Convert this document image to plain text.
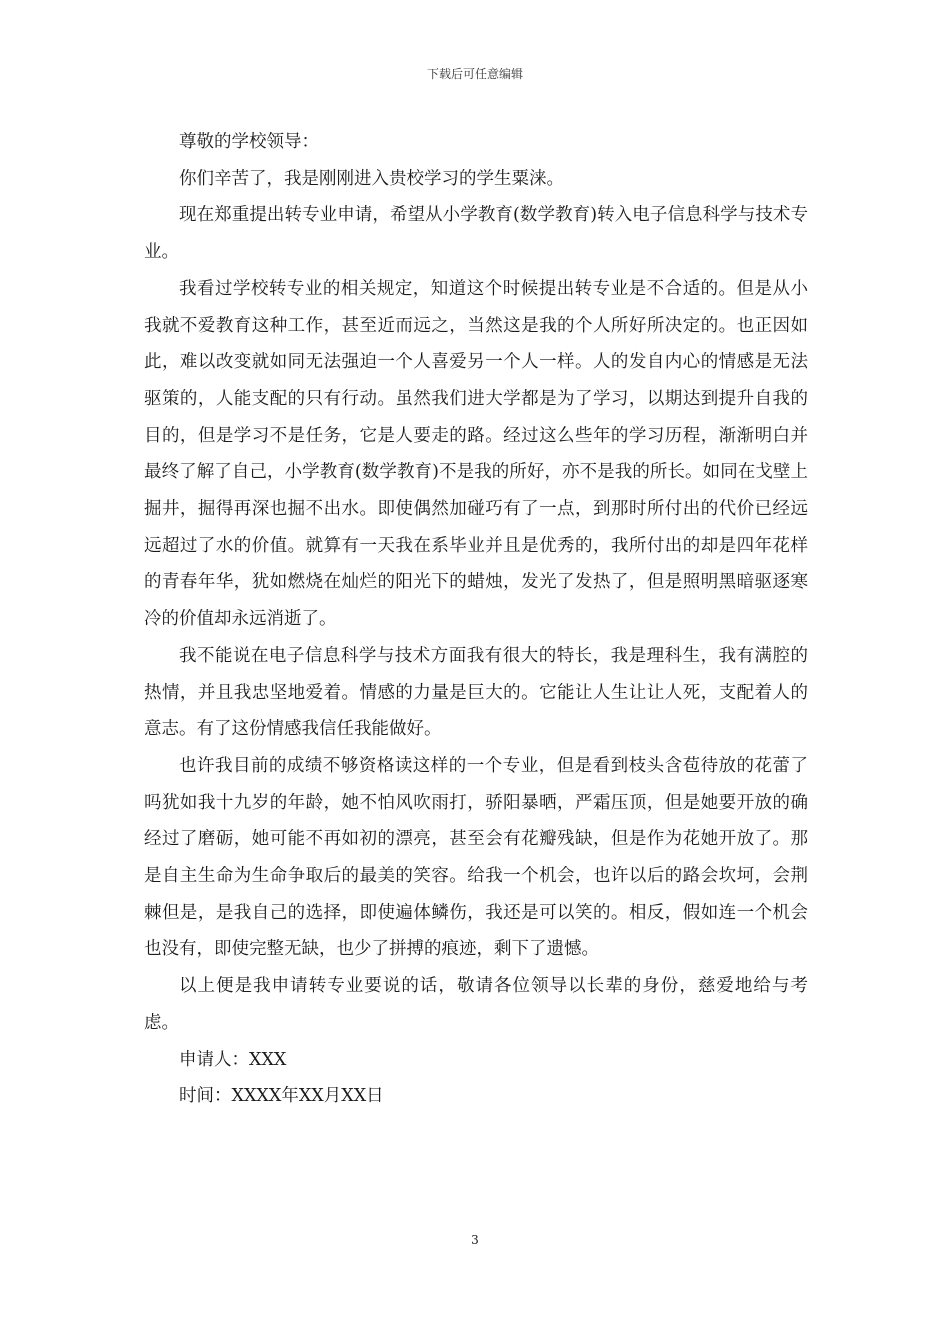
下载后可任意编辑

尊敬的学校领导：

你们辛苦了，我是刚刚进入贵校学习的学生粟涞。

现在郑重提出转专业申请，希望从小学教育(数学教育)转入电子信息科学与技术专业。

我看过学校转专业的相关规定，知道这个时候提出转专业是不合适的。但是从小我就不爱教育这种工作，甚至近而远之，当然这是我的个人所好所决定的。也正因如此，难以改变就如同无法强迫一个人喜爱另一个人一样。人的发自内心的情感是无法驱策的，人能支配的只有行动。虽然我们进大学都是为了学习，以期达到提升自我的目的，但是学习不是任务，它是人要走的路。经过这么些年的学习历程，渐渐明白并最终了解了自己，小学教育(数学教育)不是我的所好，亦不是我的所长。如同在戈壁上掘井，掘得再深也掘不出水。即使偶然加碰巧有了一点，到那时所付出的代价已经远远超过了水的价值。就算有一天我在系毕业并且是优秀的，我所付出的却是四年花样的青春年华，犹如燃烧在灿烂的阳光下的蜡烛，发光了发热了，但是照明黑暗驱逐寒冷的价值却永远消逝了。

我不能说在电子信息科学与技术方面我有很大的特长，我是理科生，我有满腔的热情，并且我忠坚地爱着。情感的力量是巨大的。它能让人生让让人死，支配着人的意志。有了这份情感我信任我能做好。

也许我目前的成绩不够资格读这样的一个专业，但是看到枝头含苞待放的花蕾了吗犹如我十九岁的年龄，她不怕风吹雨打，骄阳暴晒，严霜压顶，但是她要开放的确经过了磨砺，她可能不再如初的漂亮，甚至会有花瓣残缺，但是作为花她开放了。那是自主生命为生命争取后的最美的笑容。给我一个机会，也许以后的路会坎坷，会荆棘但是，是我自己的选择，即使遍体鳞伤，我还是可以笑的。相反，假如连一个机会也没有，即使完整无缺，也少了拼搏的痕迹，剩下了遗憾。

以上便是我申请转专业要说的话，敬请各位领导以长辈的身份，慈爱地给与考虑。

申请人：XXX

时间：XXXX年XX月XX日

3
